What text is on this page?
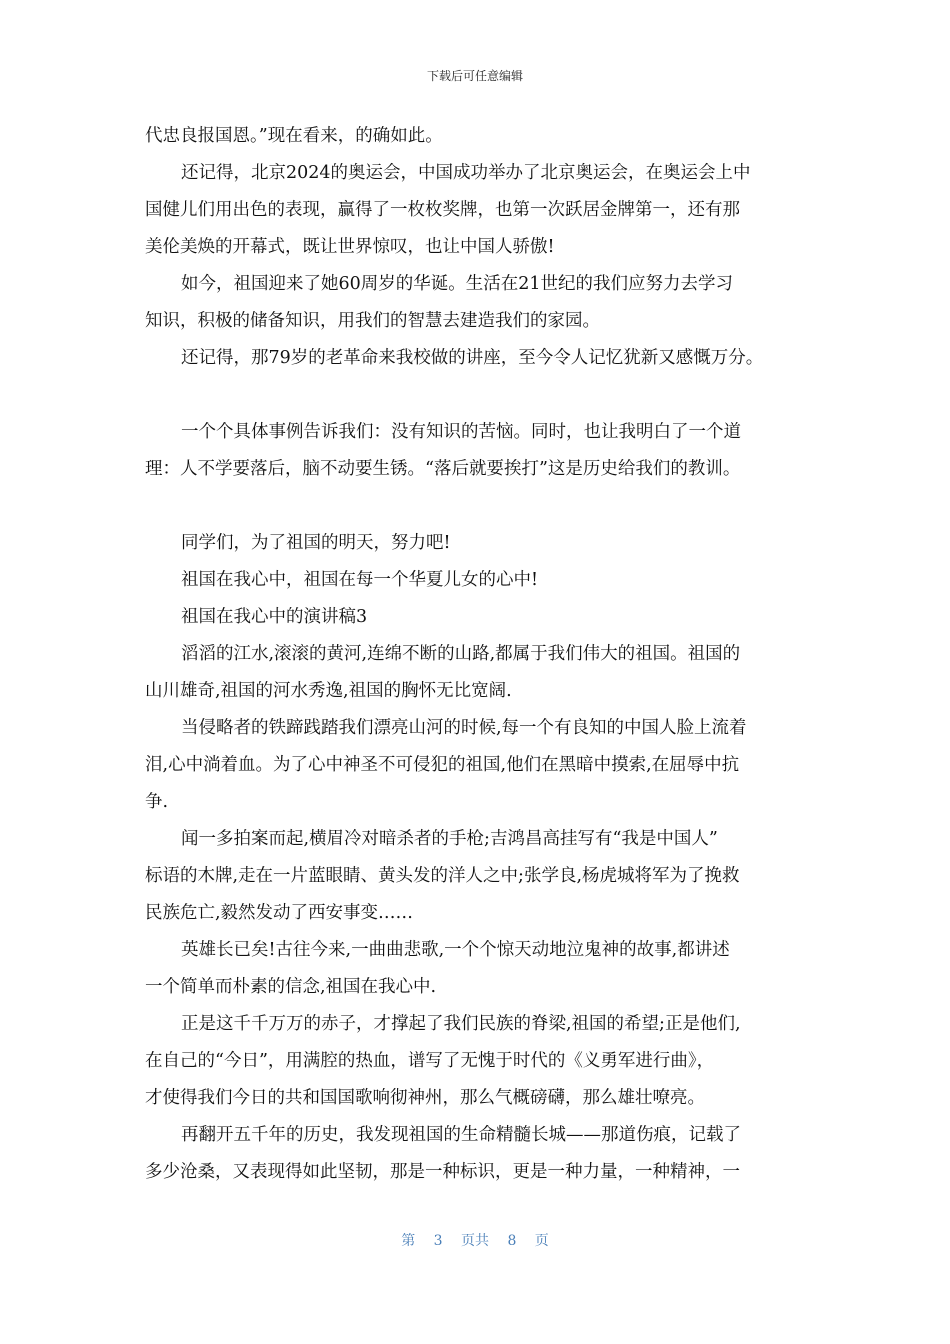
下载后可任意编辑
代忠良报国恩。”现在看来，的确如此。
还记得，北京2024的奥运会，中国成功举办了北京奥运会，在奥运会上中
国健儿们用出色的表现，赢得了一枚枚奖牌，也第一次跃居金牌第一，还有那
美伦美焕的开幕式，既让世界惊叹，也让中国人骄傲!
如今，祖国迎来了她60周岁的华诞。生活在21世纪的我们应努力去学习
知识，积极的储备知识，用我们的智慧去建造我们的家园。
还记得，那79岁的老革命来我校做的讲座，至今令人记忆犹新又感慨万分。
一个个具体事例告诉我们：没有知识的苦恼。同时，也让我明白了一个道
理：人不学要落后，脑不动要生锈。“落后就要挨打”这是历史给我们的教训。
同学们，为了祖国的明天，努力吧!
祖国在我心中，祖国在每一个华夏儿女的心中!
祖国在我心中的演讲稿3
滔滔的江水,滚滚的黄河,连绵不断的山路,都属于我们伟大的祖国。祖国的
山川雄奇,祖国的河水秀逸,祖国的胸怀无比宽阔.
当侵略者的铁蹄践踏我们漂亮山河的时候,每一个有良知的中国人脸上流着
泪,心中淌着血。为了心中神圣不可侵犯的祖国,他们在黑暗中摸索,在屈辱中抗
争.
闻一多拍案而起,横眉冷对暗杀者的手枪;吉鸿昌高挂写有“我是中国人”
标语的木牌,走在一片蓝眼睛、黄头发的洋人之中;张学良,杨虎城将军为了挽救
民族危亡,毅然发动了西安事变……
英雄长已矣!古往今来,一曲曲悲歌,一个个惊天动地泣鬼神的故事,都讲述
一个简单而朴素的信念,祖国在我心中.
正是这千千万万的赤子，才撑起了我们民族的脊梁,祖国的希望;正是他们,
在自己的“今日”，用满腔的热血，谱写了无愧于时代的《义勇军进行曲》，
才使得我们今日的共和国国歌响彻神州，那么气概磅礴，那么雄壮嘹亮。
再翻开五千年的历史，我发现祖国的生命精髓长城——那道伤痕，记载了
多少沧桑，又表现得如此坚韧，那是一种标识，更是一种力量，一种精神，一
第 3 页共 8 页
